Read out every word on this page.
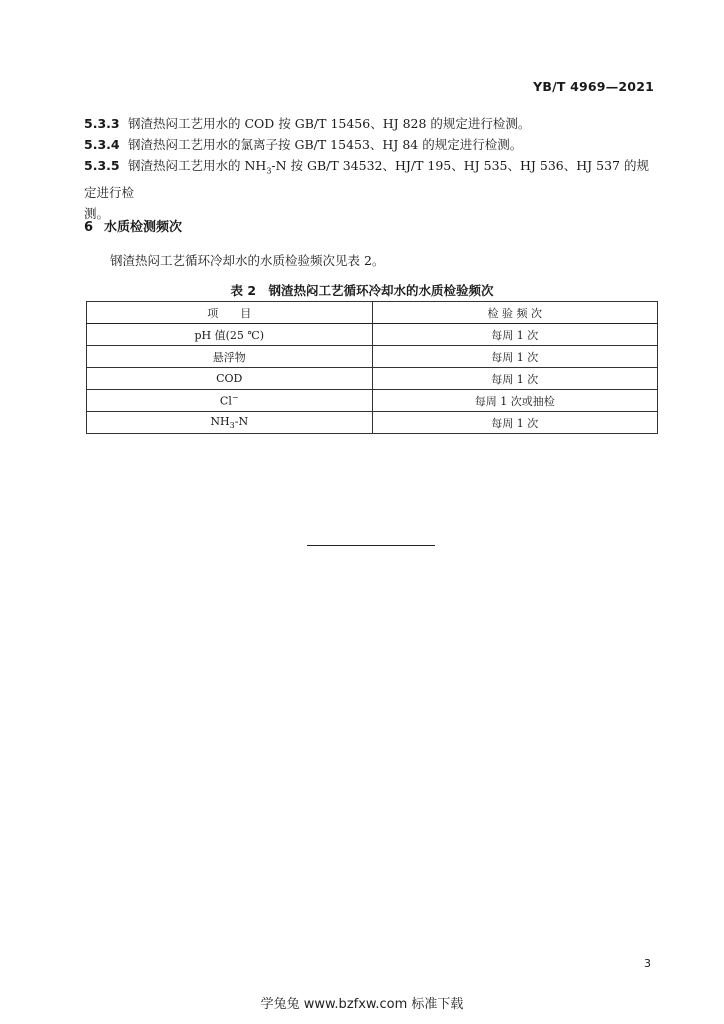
YB/T 4969—2021
5.3.3 钢渣热闷工艺用水的 COD 按 GB/T 15456、HJ 828 的规定进行检测。
5.3.4 钢渣热闷工艺用水的氯离子按 GB/T 15453、HJ 84 的规定进行检测。
5.3.5 钢渣热闷工艺用水的 $NH_3-N$ 按 GB/T 34532、HJ/T 195、HJ 535、HJ 536、HJ 537 的规定进行检
测。
6 水质检测频次
钢渣热闷工艺循环冷却水的水质检验频次见表 2。
表 2　钢渣热闷工艺循环冷却水的水质检验频次
项　　目	检 验 频 次
pH 值(25 ℃)	每周 1 次
悬浮物	每周 1 次
COD	每周 1 次
Cl−	每周 1 次或抽检
$NH_3-N$	每周 1 次
3
学兔兔 www.bzfxw.com 标准下载
